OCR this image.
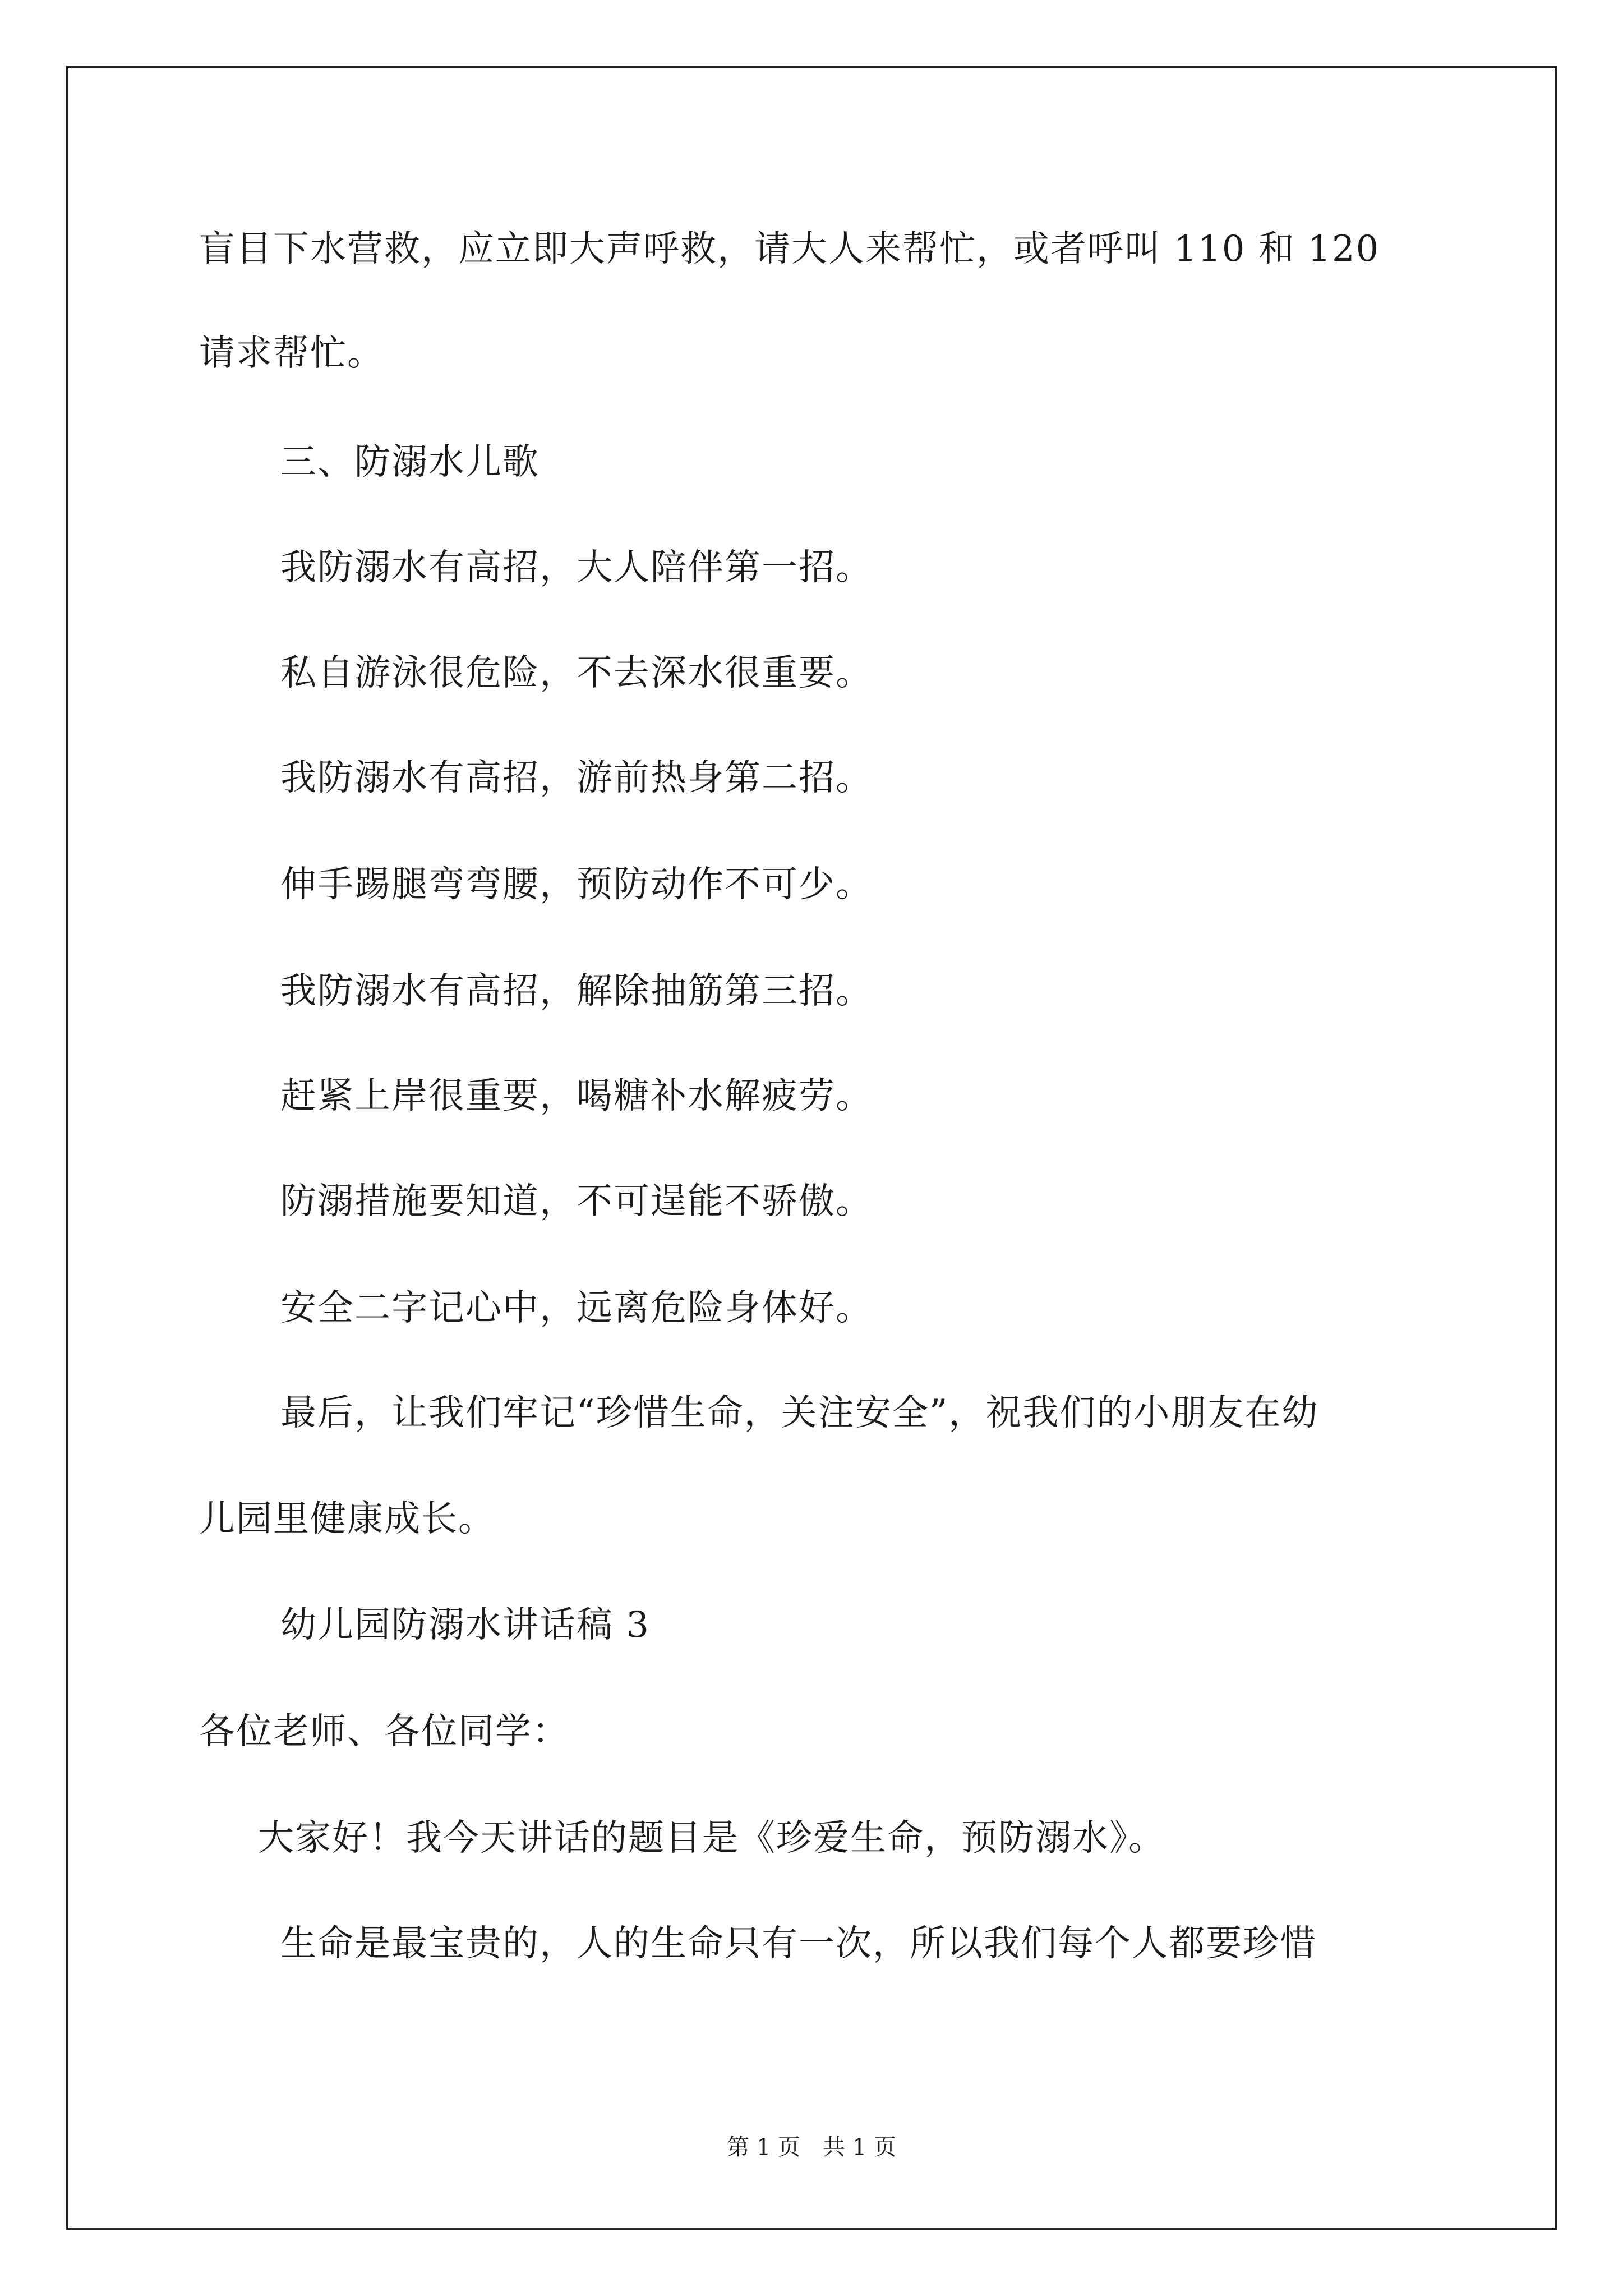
盲目下水营救，应立即大声呼救，请大人来帮忙，或者呼叫 110 和 120
请求帮忙。
三、防溺水儿歌
我防溺水有高招，大人陪伴第一招。
私自游泳很危险，不去深水很重要。
我防溺水有高招，游前热身第二招。
伸手踢腿弯弯腰，预防动作不可少。
我防溺水有高招，解除抽筋第三招。
赶紧上岸很重要，喝糖补水解疲劳。
防溺措施要知道，不可逞能不骄傲。
安全二字记心中，远离危险身体好。
最后，让我们牢记“珍惜生命，关注安全”，祝我们的小朋友在幼
儿园里健康成长。
幼儿园防溺水讲话稿 3
各位老师、各位同学：
大家好！我今天讲话的题目是《珍爱生命，预防溺水》。
生命是最宝贵的，人的生命只有一次，所以我们每个人都要珍惜
第 1 页　共 1 页
